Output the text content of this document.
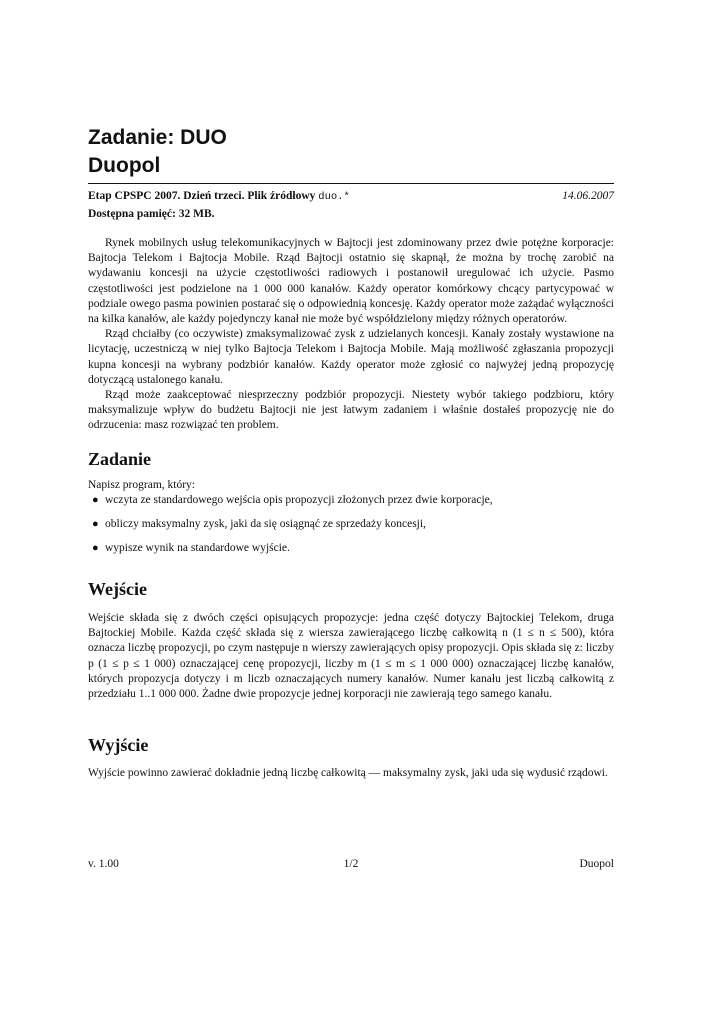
Zadanie: DUO
Duopol
Etap CPSPC 2007. Dzień trzeci. Plik źródłowy duo.*	14.06.2007
Dostępna pamięć: 32 MB.

Rynek mobilnych usług telekomunikacyjnych w Bajtocji jest zdominowany przez dwie potężne korporacje: Bajtocja Telekom i Bajtocja Mobile. Rząd Bajtocji ostatnio się skapnął, że można by trochę zarobić na wydawaniu koncesji na użycie częstotliwości radiowych i postanowił uregulować ich użycie. Pasmo częstotliwości jest podzielone na 1 000 000 kanałów. Każdy operator komórkowy chcący partycypować w podziale owego pasma powinien postarać się o odpowiednią koncesję. Każdy operator może zażądać wyłączności na kilka kanałów, ale każdy pojedynczy kanał nie może być współdzielony między różnych operatorów.

Rząd chciałby (co oczywiste) zmaksymalizować zysk z udzielanych koncesji. Kanały zostały wystawione na licytację, uczestniczą w niej tylko Bajtocja Telekom i Bajtocja Mobile. Mają możliwość zgłaszania propozycji kupna koncesji na wybrany podzbiór kanałów. Każdy operator może zgłosić co najwyżej jedną propozycję dotyczącą ustalonego kanału.

Rząd może zaakceptować niesprzeczny podzbiór propozycji. Niestety wybór takiego podzbioru, który maksymalizuje wpływ do budżetu Bajtocji nie jest łatwym zadaniem i właśnie dostałeś propozycję nie do odrzucenia: masz rozwiązać ten problem.

Zadanie

Napisz program, który:

● wczyta ze standardowego wejścia opis propozycji złożonych przez dwie korporacje,
● obliczy maksymalny zysk, jaki da się osiągnąć ze sprzedaży koncesji,
● wypisze wynik na standardowe wyjście.
Wejście

Wejście składa się z dwóch części opisujących propozycje: jedna część dotyczy Bajtockiej Telekom, druga Bajtockiej Mobile. Każda część składa się z wiersza zawierającego liczbę całkowitą n (1 ≤ n ≤ 500), która oznacza liczbę propozycji, po czym następuje n wierszy zawierających opisy propozycji. Opis składa się z: liczby p (1 ≤ p ≤ 1 000) oznaczającej cenę propozycji, liczby m (1 ≤ m ≤ 1 000 000) oznaczającej liczbę kanałów, których propozycja dotyczy i m liczb oznaczających numery kanałów. Numer kanału jest liczbą całkowitą z przedziału 1..1 000 000. Żadne dwie propozycje jednej korporacji nie zawierają tego samego kanału.

Wyjście

Wyjście powinno zawierać dokładnie jedną liczbę całkowitą — maksymalny zysk, jaki uda się wydusić rządowi.

v. 1.00	1/2	Duopol
